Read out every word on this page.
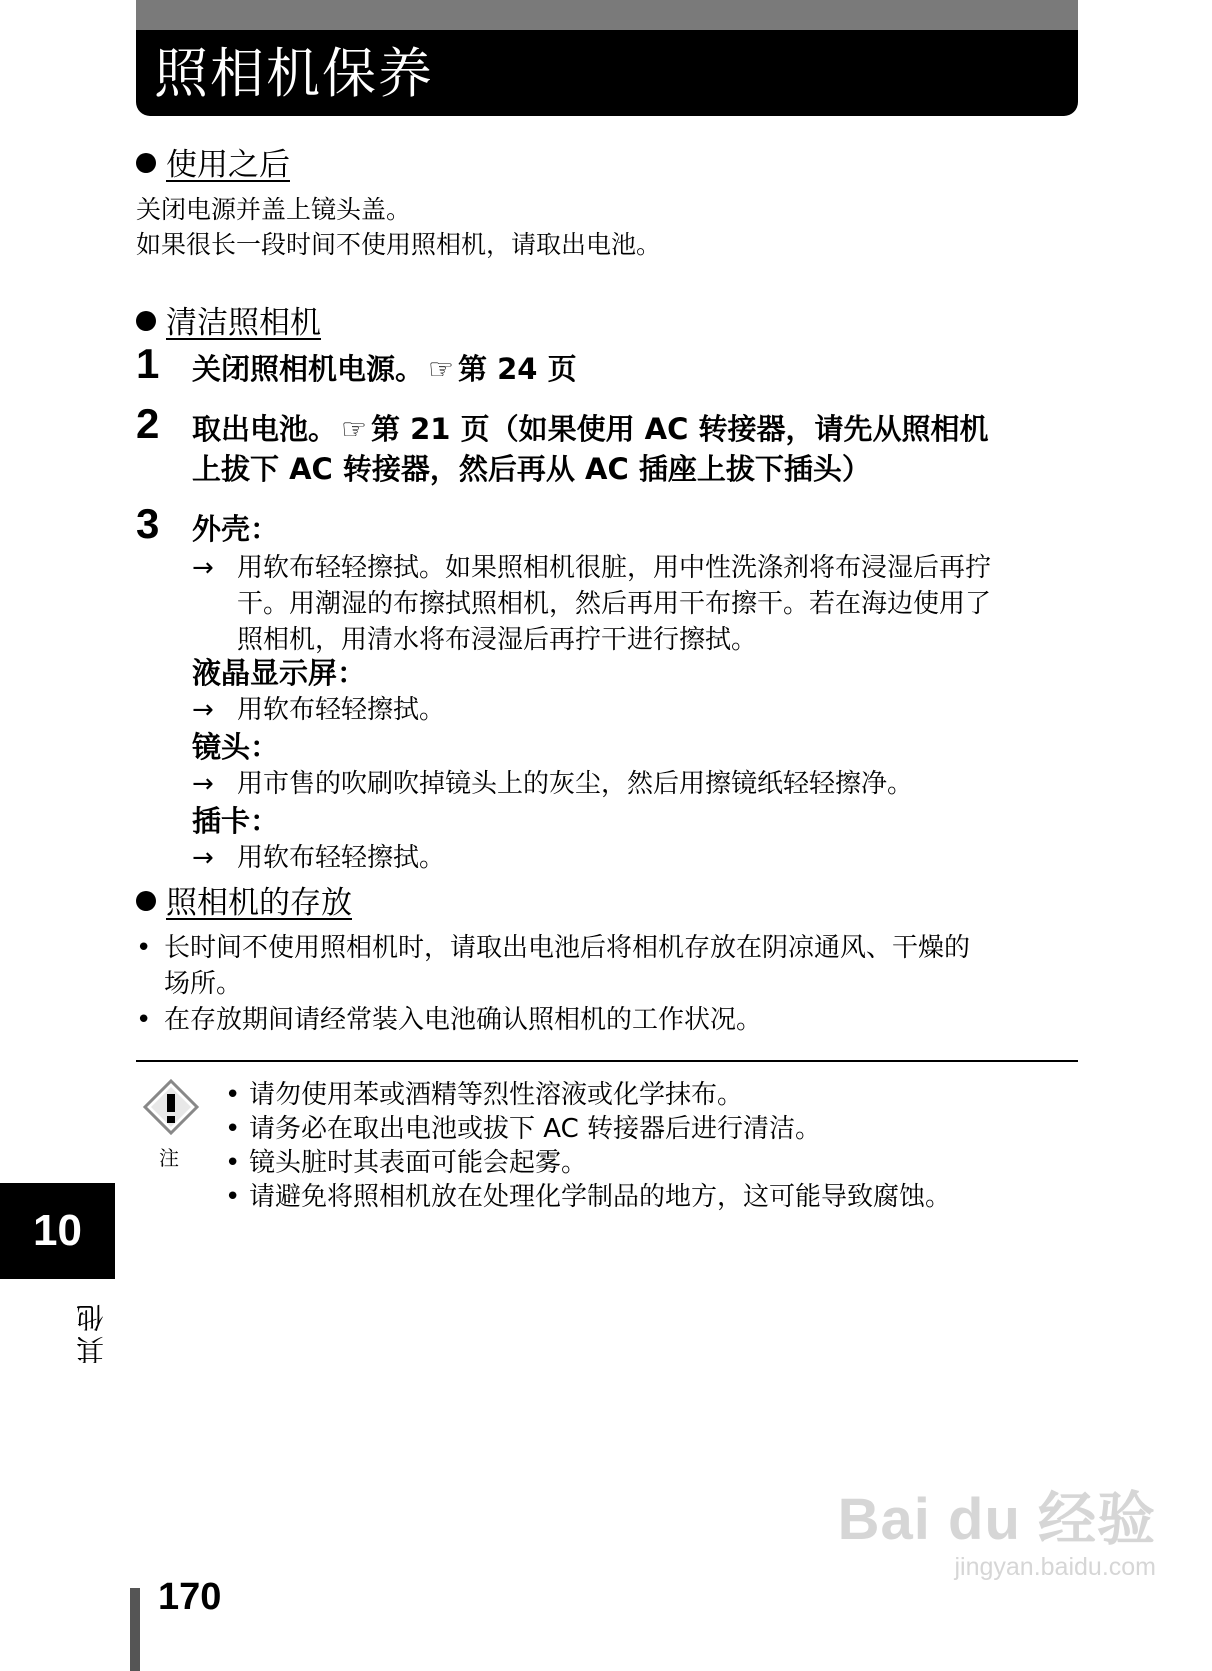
照相机保养
使用之后
关闭电源并盖上镜头盖。
如果很长一段时间不使用照相机，请取出电池。
清洁照相机
1 关闭照相机电源。 ☞ 第 24 页
2 取出电池。 ☞ 第 21 页（如果使用 AC 转接器，请先从照相机
上拔下 AC 转接器，然后再从 AC 插座上拔下插头）
3 外壳：
→ 用软布轻轻擦拭。如果照相机很脏，用中性洗涤剂将布浸湿后再拧
干。用潮湿的布擦拭照相机，然后再用干布擦干。若在海边使用了
照相机，用清水将布浸湿后再拧干进行擦拭。
液晶显示屏：
→ 用软布轻轻擦拭。
镜头：
→ 用市售的吹刷吹掉镜头上的灰尘，然后用擦镜纸轻轻擦净。
插卡：
→ 用软布轻轻擦拭。
照相机的存放
• 长时间不使用照相机时，请取出电池后将相机存放在阴凉通风、干燥的
场所。
• 在存放期间请经常装入电池确认照相机的工作状况。
注
• 请勿使用苯或酒精等烈性溶液或化学抹布。
• 请务必在取出电池或拔下 AC 转接器后进行清洁。
• 镜头脏时其表面可能会起雾。
• 请避免将照相机放在处理化学制品的地方，这可能导致腐蚀。
10
其他
170
Bai du 经验
jingyan.baidu.com
